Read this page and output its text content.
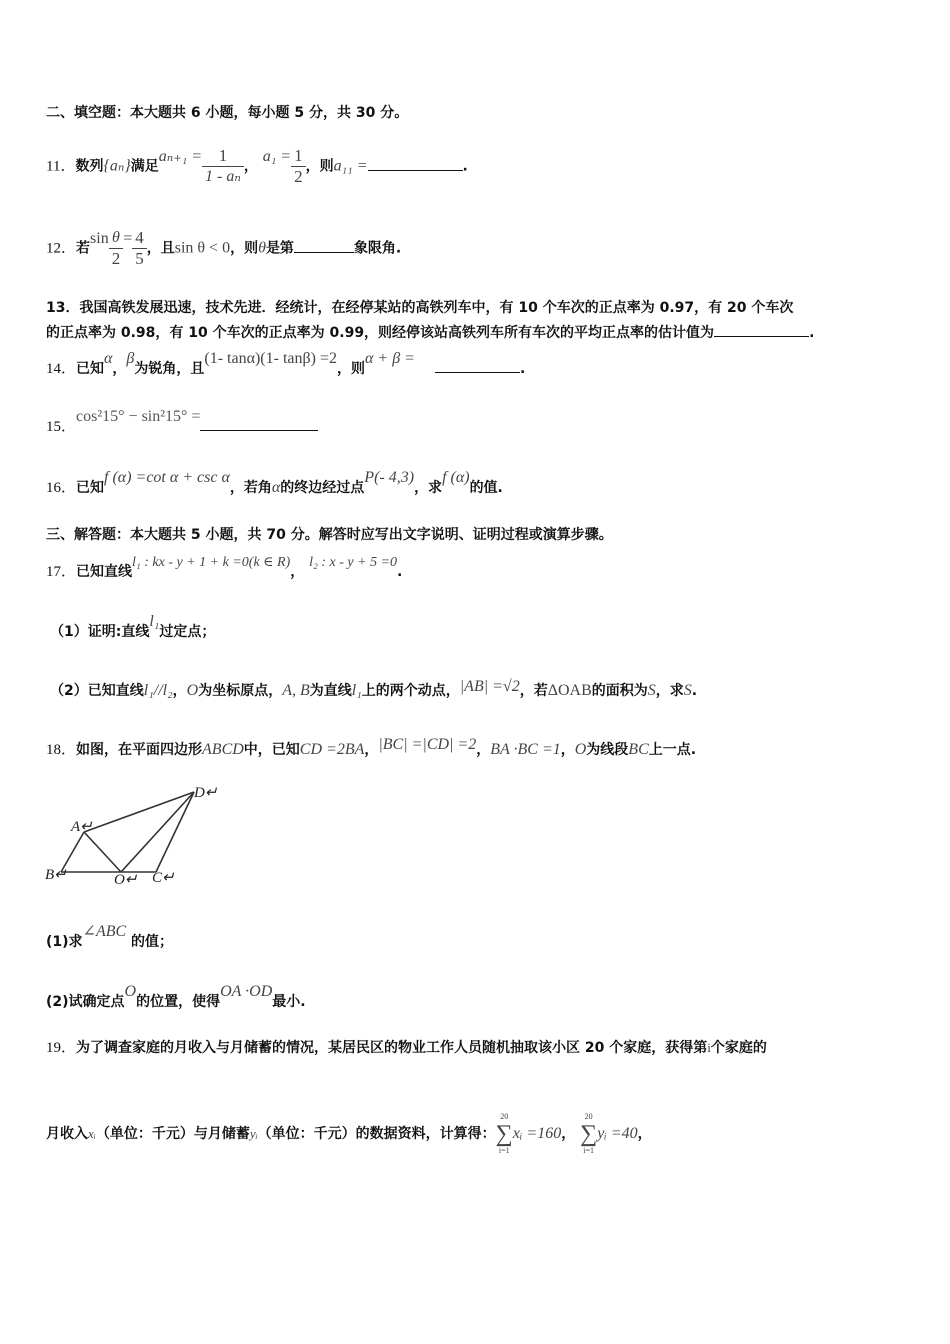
二、填空题：本大题共 6 小题，每小题 5 分，共 30 分。
11．数列{aₙ}满足$a_{n+1} = \frac{1}{\text{1 - aₙ}}$ ， $a_1 = \frac{1}{2}$ ，则a₁₁ =	.
12．若$\sin \frac{\theta}{2} = \frac{4}{5}$ ，且sin θ < 0，则θ是第	象限角.
13．我国高铁发展迅速，技术先进．经统计，在经停某站的高铁列车中，有 10 个车次的正点率为 0.97，有 20 个车次
的正点率为 0.98，有 10 个车次的正点率为 0.99，则经停该站高铁列车所有车次的平均正点率的估计值为	.
14．已知α，β为锐角，且(1- tanα)(1- tanβ) =2，则α + β =.
15．cos²15° − sin²15° =
16．已知f (α) =cot α + csc α，若角α的终边经过点P(- 4,3)，求f (α)的值.
三、解答题：本大题共 5 小题，共 70 分。解答时应写出文字说明、证明过程或演算步骤。
17．已知直线l₁ : kx - y + 1 + k =0(k ∈ R)， l₂ : x - y + 5 =0.
（1）证明:直线l₁过定点；
（2）已知直线l₁//l₂，O为坐标原点，A, B为直线l₁上的两个动点，|AB| =√2，若ΔOAB的面积为S，求S.
18．如图，在平面四边形ABCD中，已知CD =2BA，|BC| =|CD| =2，BA ·BC =1，O为线段BC上一点.
A↵
B↵	C↵
D↵
O↵
(1)求∠ABC 的值；
(2)试确定点O的位置，使得OA ·OD最小.
19．为了调查家庭的月收入与月储蓄的情况，某居民区的物业工作人员随机抽取该小区 20 个家庭，获得第i个家庭的
月收入xᵢ（单位：千元）与月储蓄yᵢ（单位：千元）的数据资料，计算得：
20
∑
i=1
xᵢ =160，
20
∑
i=1
yᵢ =40，
